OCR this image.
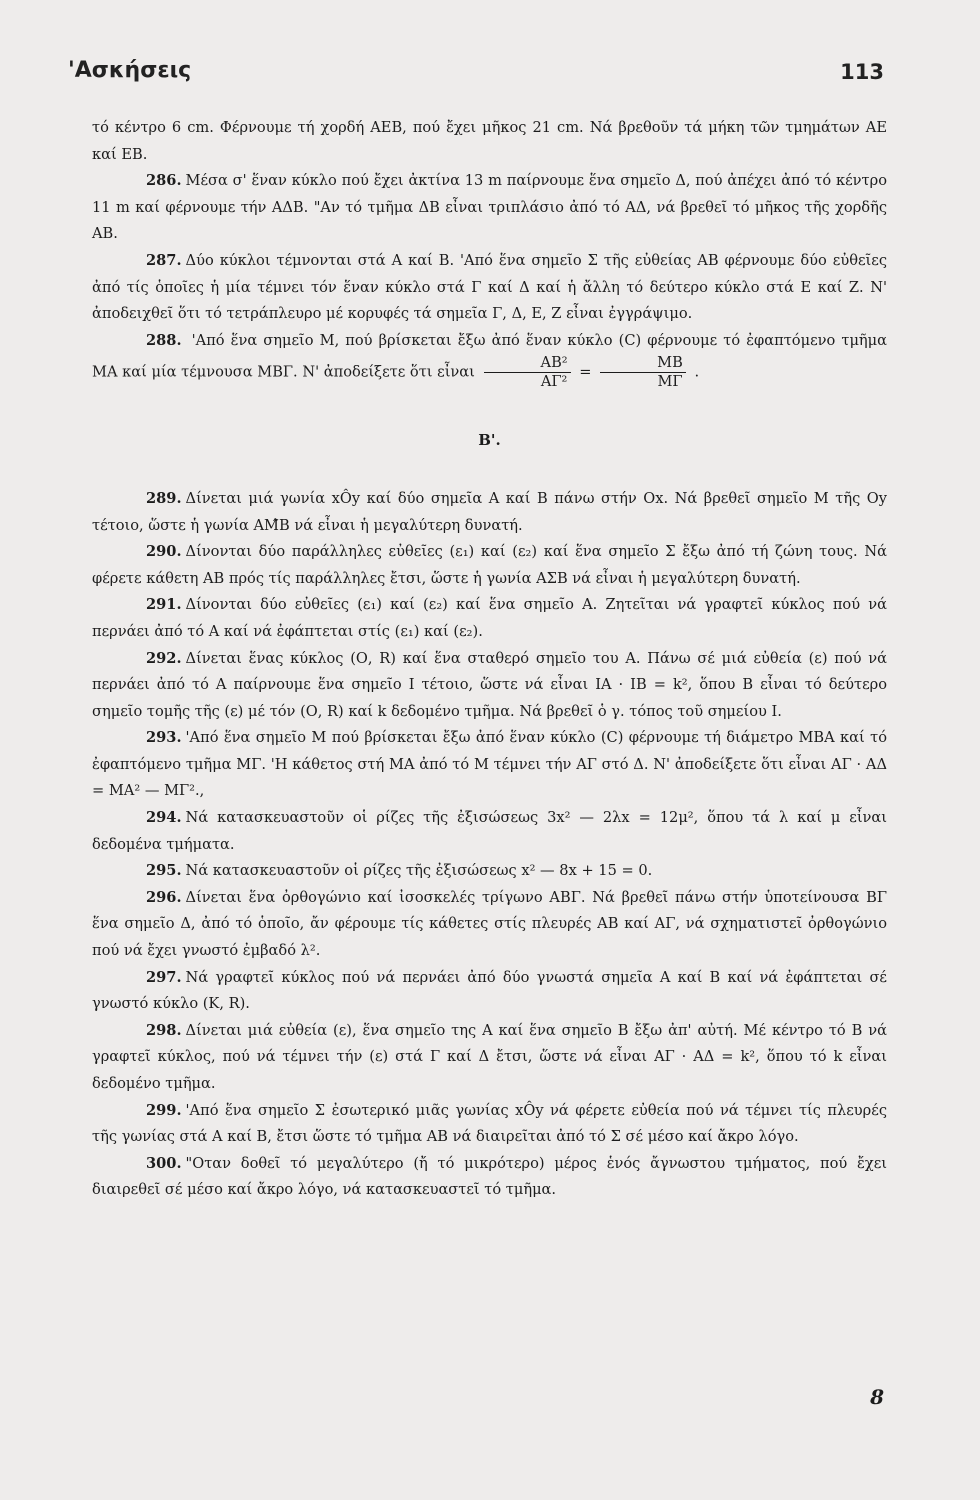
'Ασκήσεις	113

τό κέντρο 6 cm. Φέρνουμε τή χορδή ΑΕΒ, πού ἔχει μῆκος 21 cm. Νά βρεθοῦν τά μήκη τῶν τμημάτων ΑΕ καί ΕΒ.

286. Μέσα σ' ἕναν κύκλο πού ἔχει ἀκτίνα 13 m παίρνουμε ἕνα σημεῖο Δ, πού ἀπέχει ἀπό τό κέντρο 11 m καί φέρνουμε τήν ΑΔΒ. "Αν τό τμῆμα ΔΒ εἶναι τριπλάσιο ἀπό τό ΑΔ, νά βρεθεῖ τό μῆκος τῆς χορδῆς ΑΒ.

287. Δύο κύκλοι τέμνονται στά Α καί Β. 'Από ἕνα σημεῖο Σ τῆς εὐθείας ΑΒ φέρνουμε δύο εὐθεῖες ἀπό τίς ὁποῖες ἡ μία τέμνει τόν ἕναν κύκλο στά Γ καί Δ καί ἡ ἄλλη τό δεύτερο κύκλο στά Ε καί Ζ. Ν' ἀποδειχθεῖ ὅτι τό τετράπλευρο μέ κορυφές τά σημεῖα Γ, Δ, Ε, Ζ εἶναι ἐγγράψιμο.

288. 'Από ἕνα σημεῖο Μ, πού βρίσκεται ἔξω ἀπό ἕναν κύκλο (C) φέρνουμε τό ἐφαπτόμενο τμῆμα ΜΑ καί μία τέμνουσα ΜΒΓ. Ν' ἀποδείξετε ὅτι εἶναι $\frac{\text{ΑΒ²}}{\text{ΑΓ²}} = \frac{MB}{M\Gamma}$ .

Β'.

289. Δίνεται μιά γωνία xÔy καί δύο σημεῖα Α καί Β πάνω στήν Οx. Νά βρεθεῖ σημεῖο Μ τῆς Οy τέτοιο, ὥστε ἡ γωνία ΑΜ̂Β νά εἶναι ἡ μεγαλύτερη δυνατή.

290. Δίνονται δύο παράλληλες εὐθεῖες (ε₁) καί (ε₂) καί ἕνα σημεῖο Σ ἔξω ἀπό τή ζώνη τους. Νά φέρετε κάθετη ΑΒ πρός τίς παράλληλες ἔτσι, ὥστε ἡ γωνία ΑΣΒ νά εἶναι ἡ μεγαλύτερη δυνατή.

291. Δίνονται δύο εὐθεῖες (ε₁) καί (ε₂) καί ἕνα σημεῖο Α. Ζητεῖται νά γραφτεῖ κύκλος πού νά περνάει ἀπό τό Α καί νά ἐφάπτεται στίς (ε₁) καί (ε₂).

292. Δίνεται ἕνας κύκλος (Ο, R) καί ἕνα σταθερό σημεῖο του Α. Πάνω σέ μιά εὐθεία (ε) πού νά περνάει ἀπό τό Α παίρνουμε ἕνα σημεῖο Ι τέτοιο, ὥστε νά εἶναι ΙΑ · ΙΒ = k², ὅπου Β εἶναι τό δεύτερο σημεῖο τομῆς τῆς (ε) μέ τόν (Ο, R) καί k δεδομένο τμῆμα. Νά βρεθεῖ ὁ γ. τόπος τοῦ σημείου Ι.

293. 'Από ἕνα σημεῖο Μ πού βρίσκεται ἔξω ἀπό ἕναν κύκλο (C) φέρνουμε τή διάμετρο ΜΒΑ καί τό ἐφαπτόμενο τμῆμα ΜΓ. 'Η κάθετος στή ΜΑ ἀπό τό Μ τέμνει τήν ΑΓ στό Δ. Ν' ἀποδείξετε ὅτι εἶναι ΑΓ · ΑΔ = ΜΑ² — ΜΓ².,

294. Νά κατασκευαστοῦν οἱ ρίζες τῆς ἐξισώσεως 3x² — 2λx = 12μ², ὅπου τά λ καί μ εἶναι δεδομένα τμήματα.

295. Νά κατασκευαστοῦν οἱ ρίζες τῆς ἐξισώσεως x² — 8x + 15 = 0.

296. Δίνεται ἕνα ὀρθογώνιο καί ἰσοσκελές τρίγωνο ΑΒΓ. Νά βρεθεῖ πάνω στήν ὑποτείνουσα ΒΓ ἕνα σημεῖο Δ, ἀπό τό ὁποῖο, ἄν φέρουμε τίς κάθετες στίς πλευρές ΑΒ καί ΑΓ, νά σχηματιστεῖ ὀρθογώνιο πού νά ἔχει γνωστό ἐμβαδό λ².

297. Νά γραφτεῖ κύκλος πού νά περνάει ἀπό δύο γνωστά σημεῖα Α καί Β καί νά ἐφάπτεται σέ γνωστό κύκλο (Κ, R).

298. Δίνεται μιά εὐθεία (ε), ἕνα σημεῖο της Α καί ἕνα σημεῖο Β ἔξω ἀπ' αὐτή. Μέ κέντρο τό Β νά γραφτεῖ κύκλος, πού νά τέμνει τήν (ε) στά Γ καί Δ ἔτσι, ὥστε νά εἶναι ΑΓ · ΑΔ = k², ὅπου τό k εἶναι δεδομένο τμῆμα.

299. 'Από ἕνα σημεῖο Σ ἐσωτερικό μιᾶς γωνίας xÔy νά φέρετε εὐθεία πού νά τέμνει τίς πλευρές τῆς γωνίας στά Α καί Β, ἔτσι ὥστε τό τμῆμα ΑΒ νά διαιρεῖται ἀπό τό Σ σέ μέσο καί ἄκρο λόγο.

300. "Οταν δοθεῖ τό μεγαλύτερο (ἤ τό μικρότερο) μέρος ἑνός ἄγνωστου τμήματος, πού ἔχει διαιρεθεῖ σέ μέσο καί ἄκρο λόγο, νά κατασκευαστεῖ τό τμῆμα.

8
